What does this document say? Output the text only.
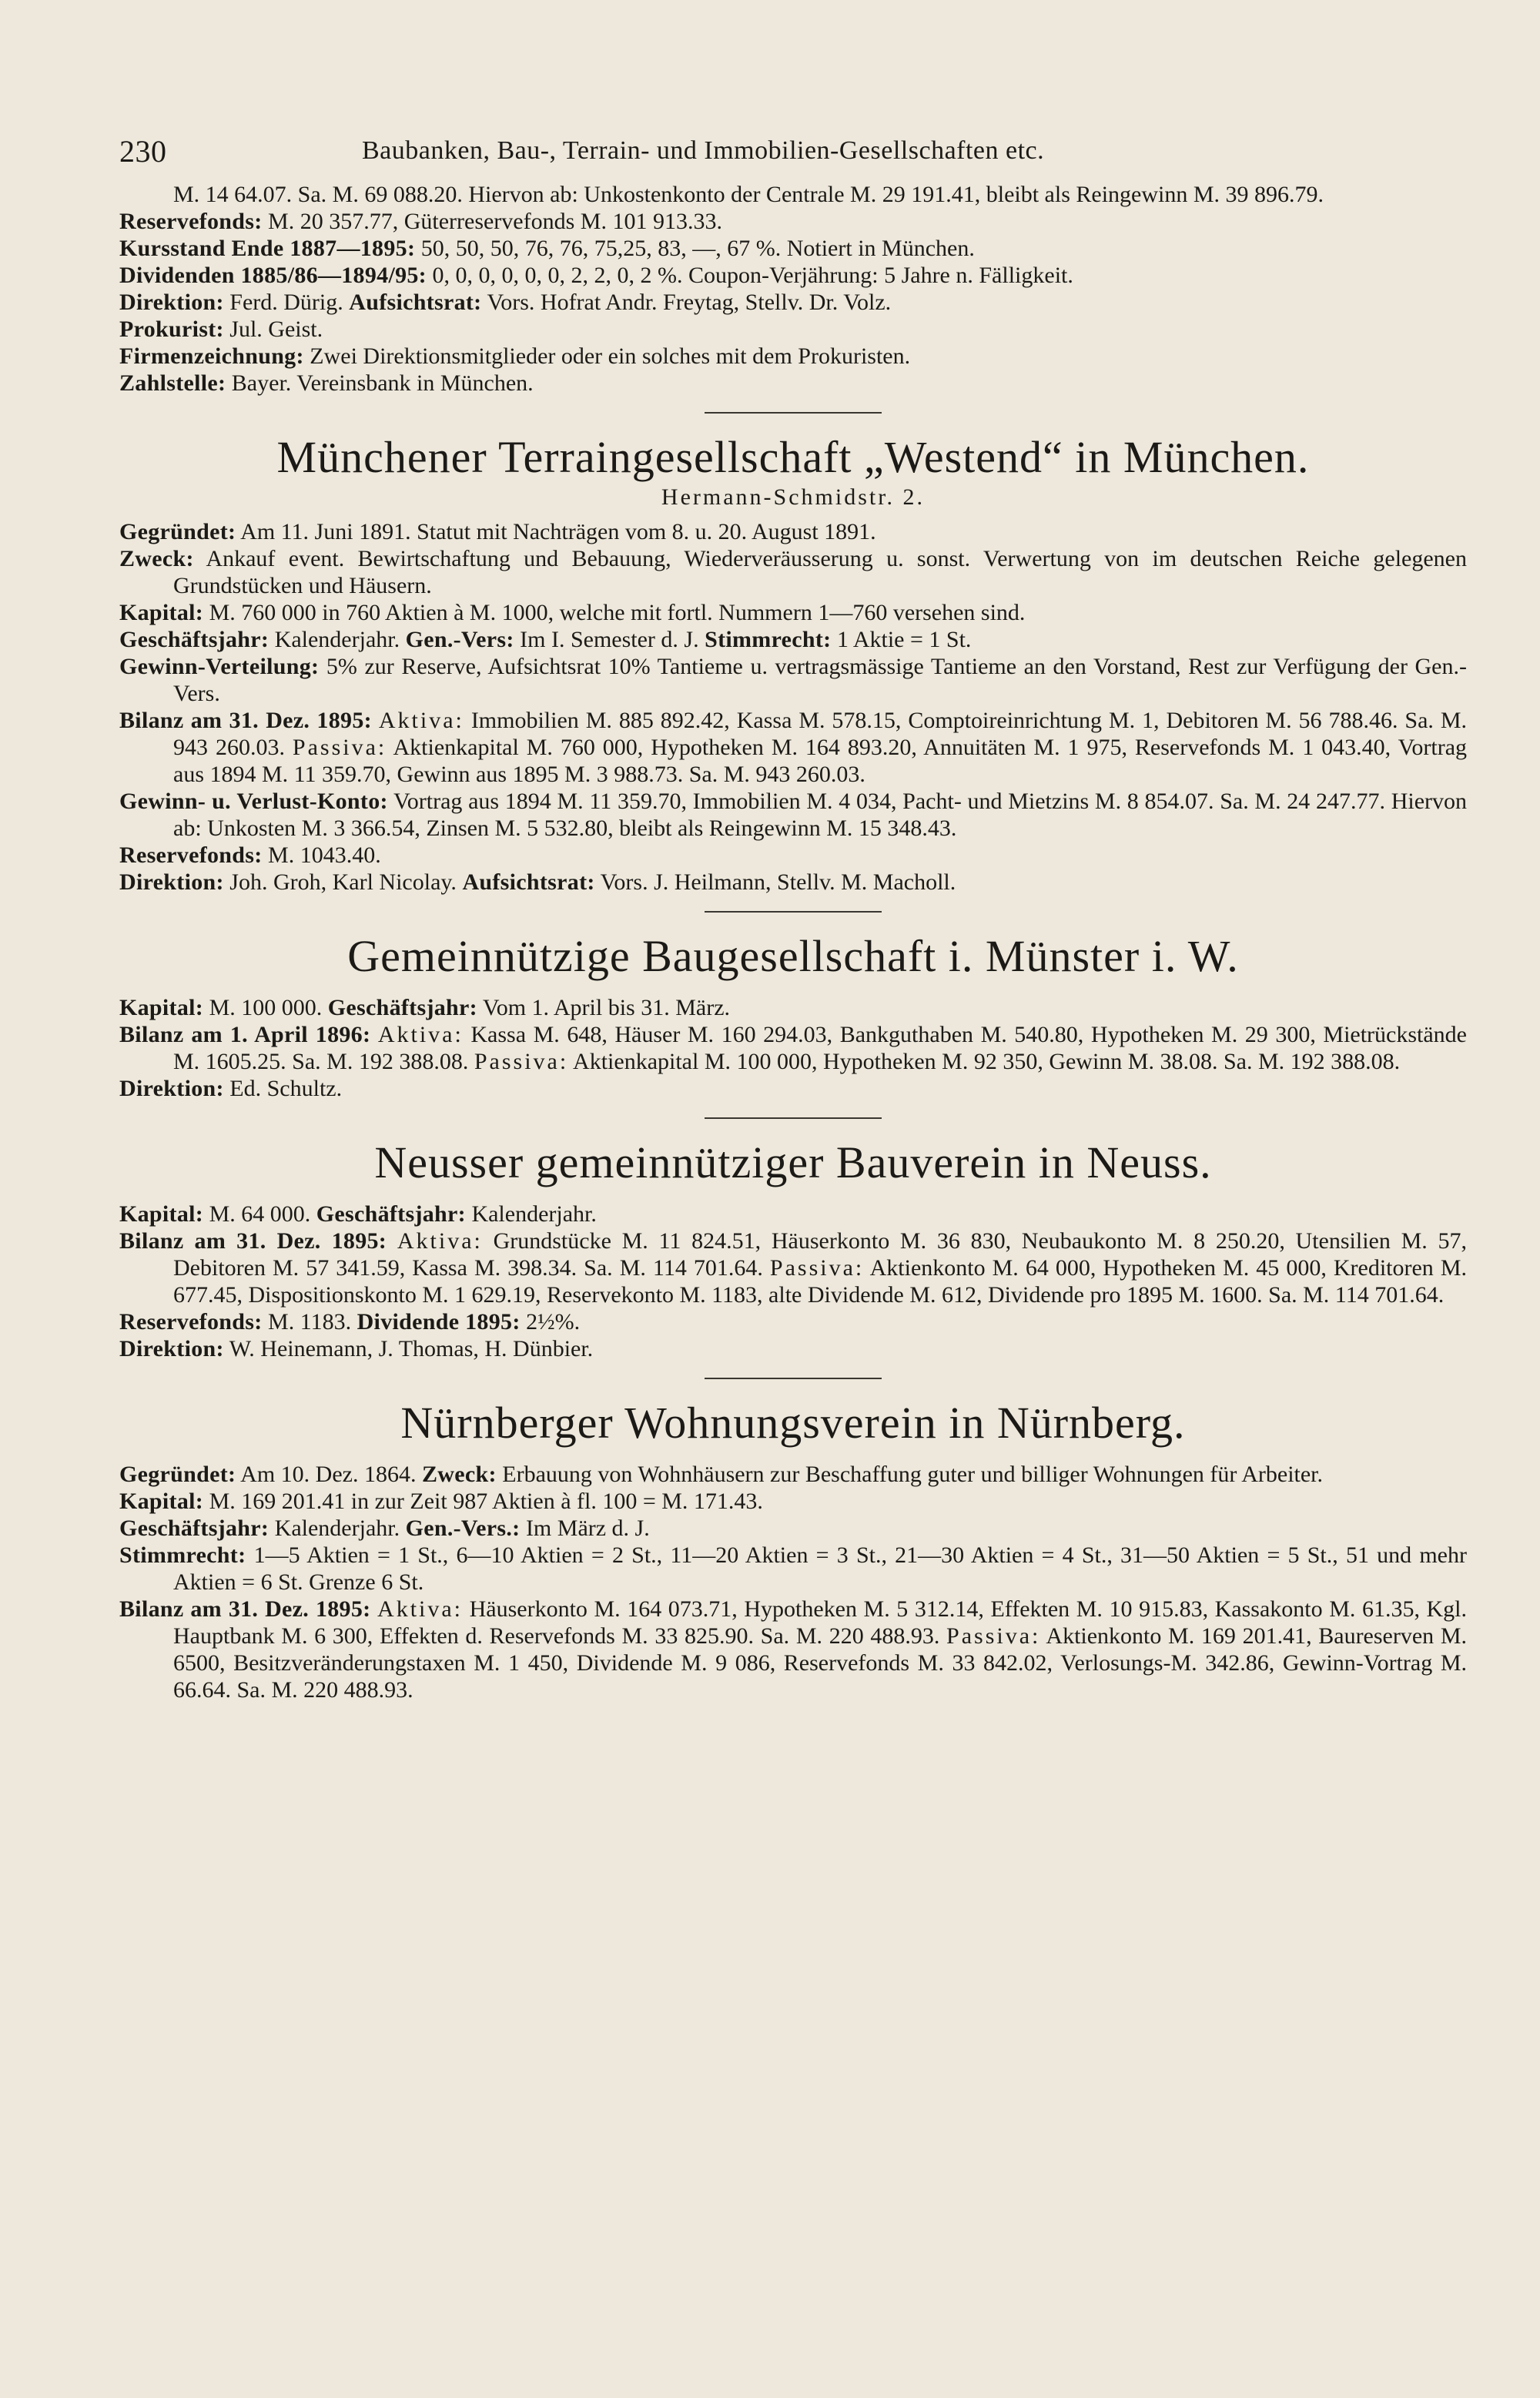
230	Baubanken, Bau-, Terrain- und Immobilien-Gesellschaften etc.

M. 14 64.07. Sa. M. 69 088.20. Hiervon ab: Unkostenkonto der Centrale M. 29 191.41, bleibt als Reingewinn M. 39 896.79.

Reservefonds: M. 20 357.77, Güterreservefonds M. 101 913.33.

Kursstand Ende 1887—1895: 50, 50, 50, 76, 76, 75,25, 83, —, 67 %. Notiert in München.

Dividenden 1885/86—1894/95: 0, 0, 0, 0, 0, 0, 2, 2, 0, 2 %. Coupon-Verjährung: 5 Jahre n. Fälligkeit.

Direktion: Ferd. Dürig. Aufsichtsrat: Vors. Hofrat Andr. Freytag, Stellv. Dr. Volz.

Prokurist: Jul. Geist.

Firmenzeichnung: Zwei Direktionsmitglieder oder ein solches mit dem Prokuristen.

Zahlstelle: Bayer. Vereinsbank in München.

Münchener Terraingesellschaft „Westend“ in München.
Hermann-Schmidstr. 2.

Gegründet: Am 11. Juni 1891. Statut mit Nachträgen vom 8. u. 20. August 1891.

Zweck: Ankauf event. Bewirtschaftung und Bebauung, Wiederveräusserung u. sonst. Verwertung von im deutschen Reiche gelegenen Grundstücken und Häusern.

Kapital: M. 760 000 in 760 Aktien à M. 1000, welche mit fortl. Nummern 1—760 versehen sind.

Geschäftsjahr: Kalenderjahr. Gen.-Vers: Im I. Semester d. J. Stimmrecht: 1 Aktie = 1 St.

Gewinn-Verteilung: 5% zur Reserve, Aufsichtsrat 10% Tantieme u. vertragsmässige Tantieme an den Vorstand, Rest zur Verfügung der Gen.-Vers.

Bilanz am 31. Dez. 1895: Aktiva: Immobilien M. 885 892.42, Kassa M. 578.15, Comptoireinrichtung M. 1, Debitoren M. 56 788.46. Sa. M. 943 260.03. Passiva: Aktienkapital M. 760 000, Hypotheken M. 164 893.20, Annuitäten M. 1 975, Reservefonds M. 1 043.40, Vortrag aus 1894 M. 11 359.70, Gewinn aus 1895 M. 3 988.73. Sa. M. 943 260.03.

Gewinn- u. Verlust-Konto: Vortrag aus 1894 M. 11 359.70, Immobilien M. 4 034, Pacht- und Mietzins M. 8 854.07. Sa. M. 24 247.77. Hiervon ab: Unkosten M. 3 366.54, Zinsen M. 5 532.80, bleibt als Reingewinn M. 15 348.43.

Reservefonds: M. 1043.40.

Direktion: Joh. Groh, Karl Nicolay. Aufsichtsrat: Vors. J. Heilmann, Stellv. M. Macholl.

Gemeinnützige Baugesellschaft i. Münster i. W.

Kapital: M. 100 000. Geschäftsjahr: Vom 1. April bis 31. März.

Bilanz am 1. April 1896: Aktiva: Kassa M. 648, Häuser M. 160 294.03, Bankguthaben M. 540.80, Hypotheken M. 29 300, Mietrückstände M. 1605.25. Sa. M. 192 388.08. Passiva: Aktienkapital M. 100 000, Hypotheken M. 92 350, Gewinn M. 38.08. Sa. M. 192 388.08.

Direktion: Ed. Schultz.

Neusser gemeinnütziger Bauverein in Neuss.

Kapital: M. 64 000. Geschäftsjahr: Kalenderjahr.

Bilanz am 31. Dez. 1895: Aktiva: Grundstücke M. 11 824.51, Häuserkonto M. 36 830, Neubaukonto M. 8 250.20, Utensilien M. 57, Debitoren M. 57 341.59, Kassa M. 398.34. Sa. M. 114 701.64. Passiva: Aktienkonto M. 64 000, Hypotheken M. 45 000, Kreditoren M. 677.45, Dispositionskonto M. 1 629.19, Reservekonto M. 1183, alte Dividende M. 612, Dividende pro 1895 M. 1600. Sa. M. 114 701.64.

Reservefonds: M. 1183. Dividende 1895: 2½%.

Direktion: W. Heinemann, J. Thomas, H. Dünbier.

Nürnberger Wohnungsverein in Nürnberg.

Gegründet: Am 10. Dez. 1864. Zweck: Erbauung von Wohnhäusern zur Beschaffung guter und billiger Wohnungen für Arbeiter.

Kapital: M. 169 201.41 in zur Zeit 987 Aktien à fl. 100 = M. 171.43.

Geschäftsjahr: Kalenderjahr. Gen.-Vers.: Im März d. J.

Stimmrecht: 1—5 Aktien = 1 St., 6—10 Aktien = 2 St., 11—20 Aktien = 3 St., 21—30 Aktien = 4 St., 31—50 Aktien = 5 St., 51 und mehr Aktien = 6 St. Grenze 6 St.

Bilanz am 31. Dez. 1895: Aktiva: Häuserkonto M. 164 073.71, Hypotheken M. 5 312.14, Effekten M. 10 915.83, Kassakonto M. 61.35, Kgl. Hauptbank M. 6 300, Effekten d. Reservefonds M. 33 825.90. Sa. M. 220 488.93. Passiva: Aktienkonto M. 169 201.41, Baureserven M. 6500, Besitzveränderungstaxen M. 1 450, Dividende M. 9 086, Reservefonds M. 33 842.02, Verlosungs-M. 342.86, Gewinn-Vortrag M. 66.64. Sa. M. 220 488.93.
